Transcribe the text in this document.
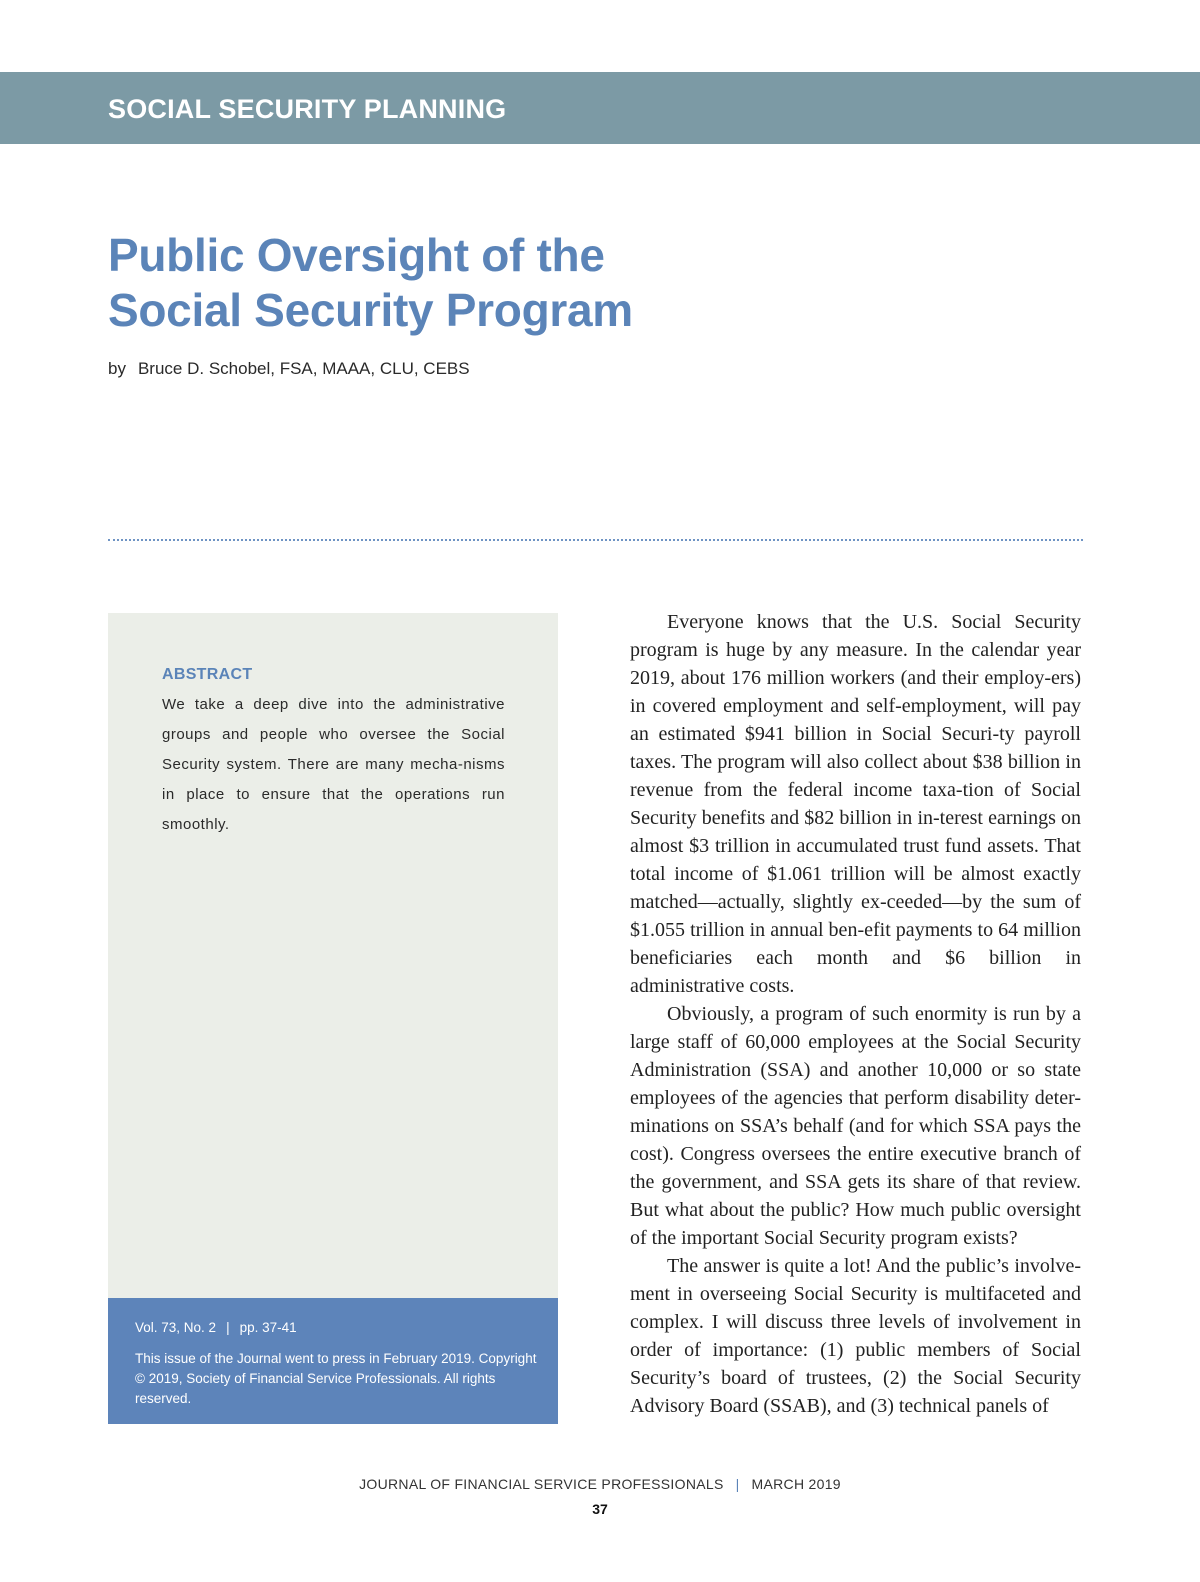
SOCIAL SECURITY PLANNING
Public Oversight of the
Social Security Program
by Bruce D. Schobel, FSA, MAAA, CLU, CEBS
ABSTRACT

We take a deep dive into the administrative groups and people who oversee the Social Security system. There are many mecha-nisms in place to ensure that the operations run smoothly.

Vol. 73, No. 2 | pp. 37-41

This issue of the Journal went to press in February 2019. Copyright © 2019, Society of Financial Service Professionals. All rights reserved.

Everyone knows that the U.S. Social Security program is huge by any measure. In the calendar year 2019, about 176 million workers (and their employ-ers) in covered employment and self-employment, will pay an estimated $941 billion in Social Securi-ty payroll taxes. The program will also collect about $38 billion in revenue from the federal income taxa-tion of Social Security benefits and $82 billion in in-terest earnings on almost $3 trillion in accumulated trust fund assets. That total income of $1.061 trillion will be almost exactly matched—actually, slightly ex-ceeded—by the sum of $1.055 trillion in annual ben-efit payments to 64 million beneficiaries each month and $6 billion in administrative costs.

Obviously, a program of such enormity is run by a large staff of 60,000 employees at the Social Security Administration (SSA) and another 10,000 or so state employees of the agencies that perform disability deter-minations on SSA’s behalf (and for which SSA pays the cost). Congress oversees the entire executive branch of the government, and SSA gets its share of that review. But what about the public? How much public oversight of the important Social Security program exists?

The answer is quite a lot! And the public’s involve-ment in overseeing Social Security is multifaceted and complex. I will discuss three levels of involvement in order of importance: (1) public members of Social Security’s board of trustees, (2) the Social Security Advisory Board (SSAB), and (3) technical panels of

JOURNAL OF FINANCIAL SERVICE PROFESSIONALS | MARCH 2019
37
